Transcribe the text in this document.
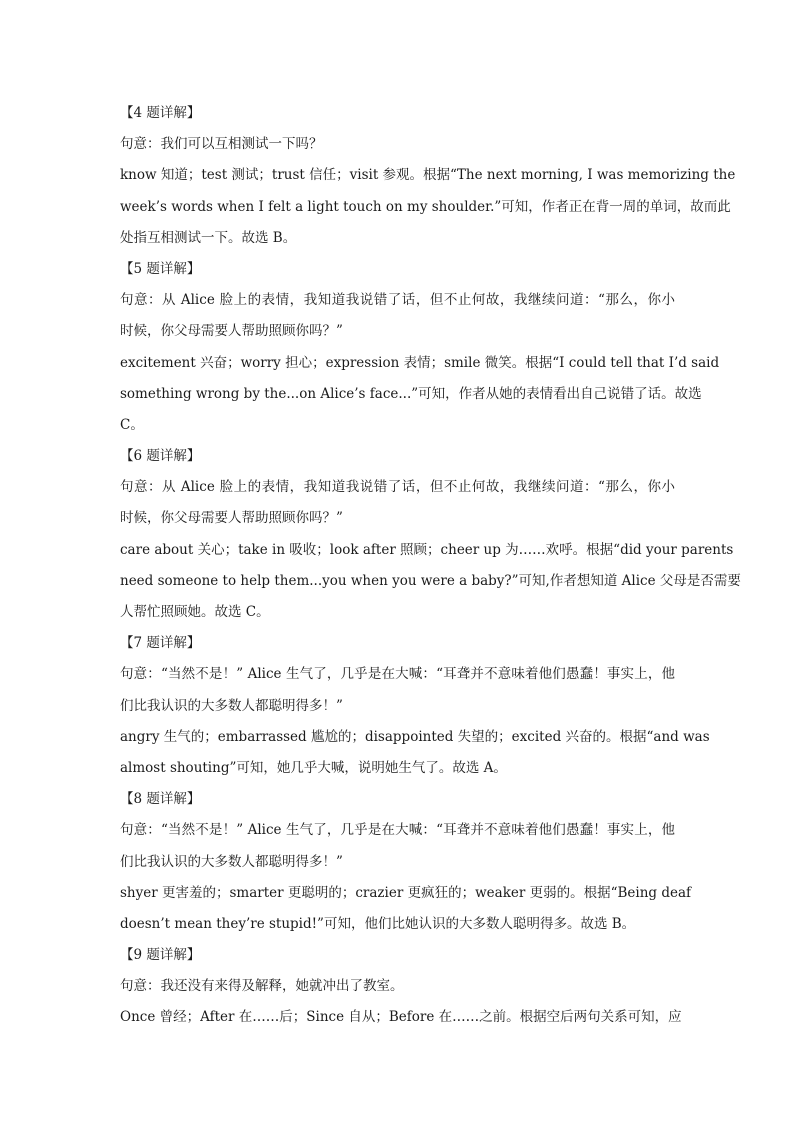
【4 题详解】
句意：我们可以互相测试一下吗？
know 知道；test 测试；trust 信任；visit 参观。根据“The next morning, I was memorizing the
week’s words when I felt a light touch on my shoulder.”可知，作者正在背一周的单词，故而此
处指互相测试一下。故选 B。
【5 题详解】
句意：从 Alice 脸上的表情，我知道我说错了话，但不止何故，我继续问道：“那么，你小
时候，你父母需要人帮助照顾你吗？”
excitement 兴奋；worry 担心；expression 表情；smile 微笑。根据“I could tell that I’d said
something wrong by the...on Alice’s face...”可知，作者从她的表情看出自己说错了话。故选
C。
【6 题详解】
句意：从 Alice 脸上的表情，我知道我说错了话，但不止何故，我继续问道：“那么，你小
时候，你父母需要人帮助照顾你吗？”
care about 关心；take in 吸收；look after 照顾；cheer up 为……欢呼。根据“did your parents
need someone to help them...you when you were a baby?”可知,作者想知道 Alice 父母是否需要
人帮忙照顾她。故选 C。
【7 题详解】
句意：“当然不是！” Alice 生气了，几乎是在大喊：“耳聋并不意味着他们愚蠢！事实上，他
们比我认识的大多数人都聪明得多！”
angry 生气的；embarrassed 尴尬的；disappointed 失望的；excited 兴奋的。根据“and was
almost shouting”可知，她几乎大喊，说明她生气了。故选 A。
【8 题详解】
句意：“当然不是！” Alice 生气了，几乎是在大喊：“耳聋并不意味着他们愚蠢！事实上，他
们比我认识的大多数人都聪明得多！”
shyer 更害羞的；smarter 更聪明的；crazier 更疯狂的；weaker 更弱的。根据“Being deaf
doesn’t mean they’re stupid!”可知，他们比她认识的大多数人聪明得多。故选 B。
【9 题详解】
句意：我还没有来得及解释，她就冲出了教室。
Once 曾经；After 在……后；Since 自从；Before 在……之前。根据空后两句关系可知，应
